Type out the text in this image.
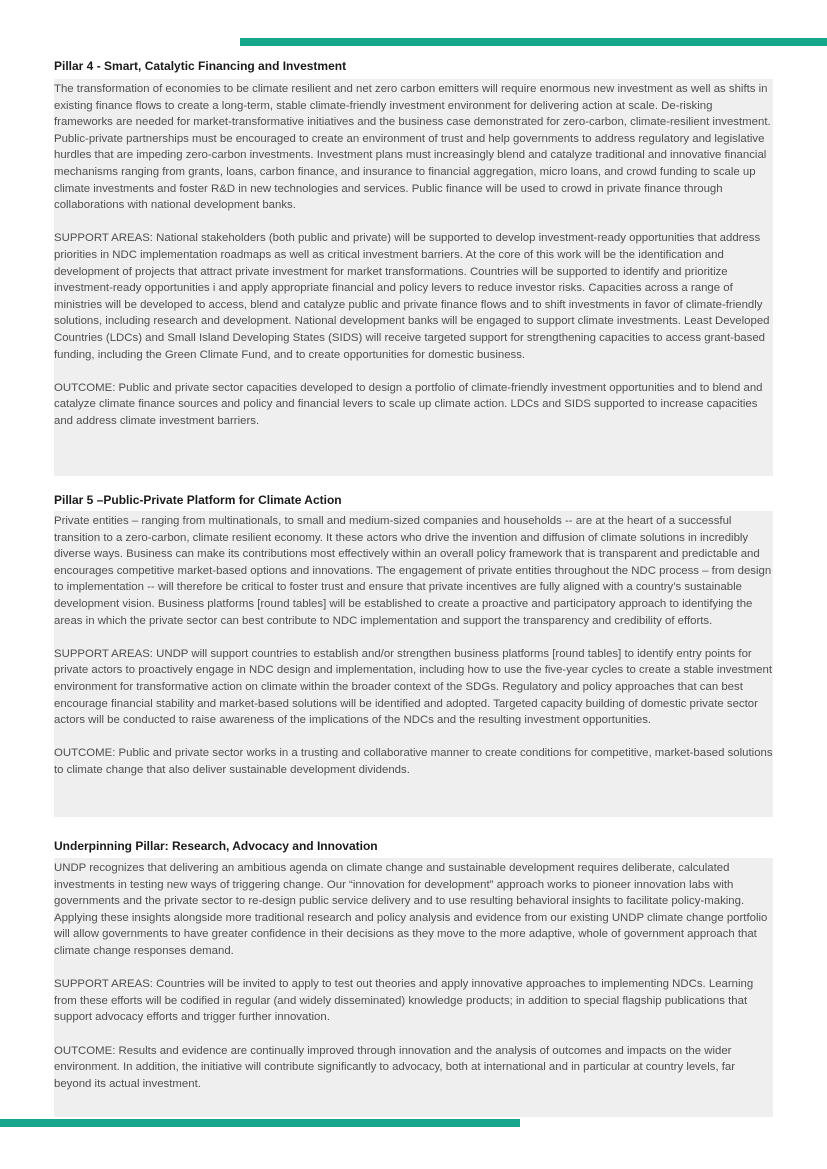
Pillar 4 - Smart, Catalytic Financing and Investment

The transformation of economies to be climate resilient and net zero carbon emitters will require enormous new investment as well as shifts in existing finance flows to create a long-term, stable climate-friendly investment environment for delivering action at scale. De-risking frameworks are needed for market-transformative initiatives and the business case demonstrated for zero-carbon, climate-resilient investment. Public-private partnerships must be encouraged to create an environment of trust and help governments to address regulatory and legislative hurdles that are impeding zero-carbon investments. Investment plans must increasingly blend and catalyze traditional and innovative financial mechanisms ranging from grants, loans, carbon finance, and insurance to financial aggregation, micro loans, and crowd funding to scale up climate investments and foster R&D in new technologies and services. Public finance will be used to crowd in private finance through collaborations with national development banks.

SUPPORT AREAS: National stakeholders (both public and private) will be supported to develop investment-ready opportunities that address priorities in NDC implementation roadmaps as well as critical investment barriers. At the core of this work will be the identification and development of projects that attract private investment for market transformations. Countries will be supported to identify and prioritize investment-ready opportunities i and apply appropriate financial and policy levers to reduce investor risks. Capacities across a range of ministries will be developed to access, blend and catalyze public and private finance flows and to shift investments in favor of climate-friendly solutions, including research and development. National development banks will be engaged to support climate investments. Least Developed Countries (LDCs) and Small Island Developing States (SIDS) will receive targeted support for strengthening capacities to access grant-based funding, including the Green Climate Fund, and to create opportunities for domestic business.

OUTCOME: Public and private sector capacities developed to design a portfolio of climate-friendly investment opportunities and to blend and catalyze climate finance sources and policy and financial levers to scale up climate action. LDCs and SIDS supported to increase capacities and address climate investment barriers.

Pillar 5 –Public-Private Platform for Climate Action

Private entities – ranging from multinationals, to small and medium-sized companies and households -- are at the heart of a successful transition to a zero-carbon, climate resilient economy. It these actors who drive the invention and diffusion of climate solutions in incredibly diverse ways. Business can make its contributions most effectively within an overall policy framework that is transparent and predictable and encourages competitive market-based options and innovations. The engagement of private entities throughout the NDC process – from design to implementation -- will therefore be critical to foster trust and ensure that private incentives are fully aligned with a country’s sustainable development vision. Business platforms [round tables] will be established to create a proactive and participatory approach to identifying the areas in which the private sector can best contribute to NDC implementation and support the transparency and credibility of efforts.

SUPPORT AREAS: UNDP will support countries to establish and/or strengthen business platforms [round tables] to identify entry points for private actors to proactively engage in NDC design and implementation, including how to use the five-year cycles to create a stable investment environment for transformative action on climate within the broader context of the SDGs. Regulatory and policy approaches that can best encourage financial stability and market-based solutions will be identified and adopted. Targeted capacity building of domestic private sector actors will be conducted to raise awareness of the implications of the NDCs and the resulting investment opportunities.

OUTCOME: Public and private sector works in a trusting and collaborative manner to create conditions for competitive, market-based solutions to climate change that also deliver sustainable development dividends.

Underpinning Pillar: Research, Advocacy and Innovation

UNDP recognizes that delivering an ambitious agenda on climate change and sustainable development requires deliberate, calculated investments in testing new ways of triggering change. Our “innovation for development” approach works to pioneer innovation labs with governments and the private sector to re-design public service delivery and to use resulting behavioral insights to facilitate policy-making. Applying these insights alongside more traditional research and policy analysis and evidence from our existing UNDP climate change portfolio will allow governments to have greater confidence in their decisions as they move to the more adaptive, whole of government approach that climate change responses demand.

SUPPORT AREAS: Countries will be invited to apply to test out theories and apply innovative approaches to implementing NDCs. Learning from these efforts will be codified in regular (and widely disseminated) knowledge products; in addition to special flagship publications that support advocacy efforts and trigger further innovation.

OUTCOME: Results and evidence are continually improved through innovation and the analysis of outcomes and impacts on the wider environment. In addition, the initiative will contribute significantly to advocacy, both at international and in particular at country levels, far beyond its actual investment.
